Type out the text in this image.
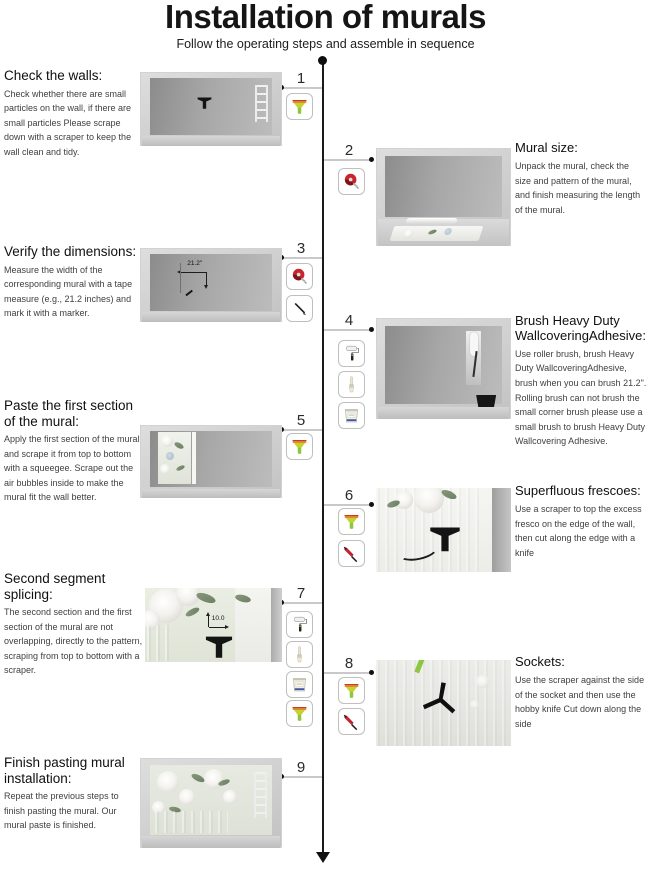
Installation of murals
Follow the operating steps and assemble in sequence
Check the walls:

Check whether there are small particles on the wall, if there are small particles Please scrape down with a scraper to keep the wall clean and tidy.

1
2	Mural size:

Unpack the mural, check the size and pattern of the mural, and finish measuring the length of the mural.

Verify the dimensions:

Measure the width of the corresponding mural with a tape measure (e.g., 21.2 inches) and mark it with a marker.

3
21.2"
4	Brush Heavy Duty WallcoveringAdhesive:

Use roller brush, brush Heavy Duty WallcoveringAdhesive, brush when you can brush 21.2". Rolling brush can not brush the small corner brush please use a small brush to brush Heavy Duty Wallcovering Adhesive.

Paste the first section of the mural:

Apply the first section of the mural and scrape it from top to bottom with a squeegee. Scrape out the air bubbles inside to make the mural fit the wall better.

5
6	Superfluous frescoes:

Use a scraper to top the excess fresco on the edge of the wall, then cut along the edge with a knife

Second segment splicing:

The second section and the first section of the mural are not overlapping, directly to the pattern, scraping from top to bottom with a scraper.

7
10.0
8	Sockets:

Use the scraper against the side of the socket and then use the hobby knife Cut down along the side

Finish pasting mural installation:

Repeat the previous steps to finish pasting the mural. Our mural paste is finished.

9
